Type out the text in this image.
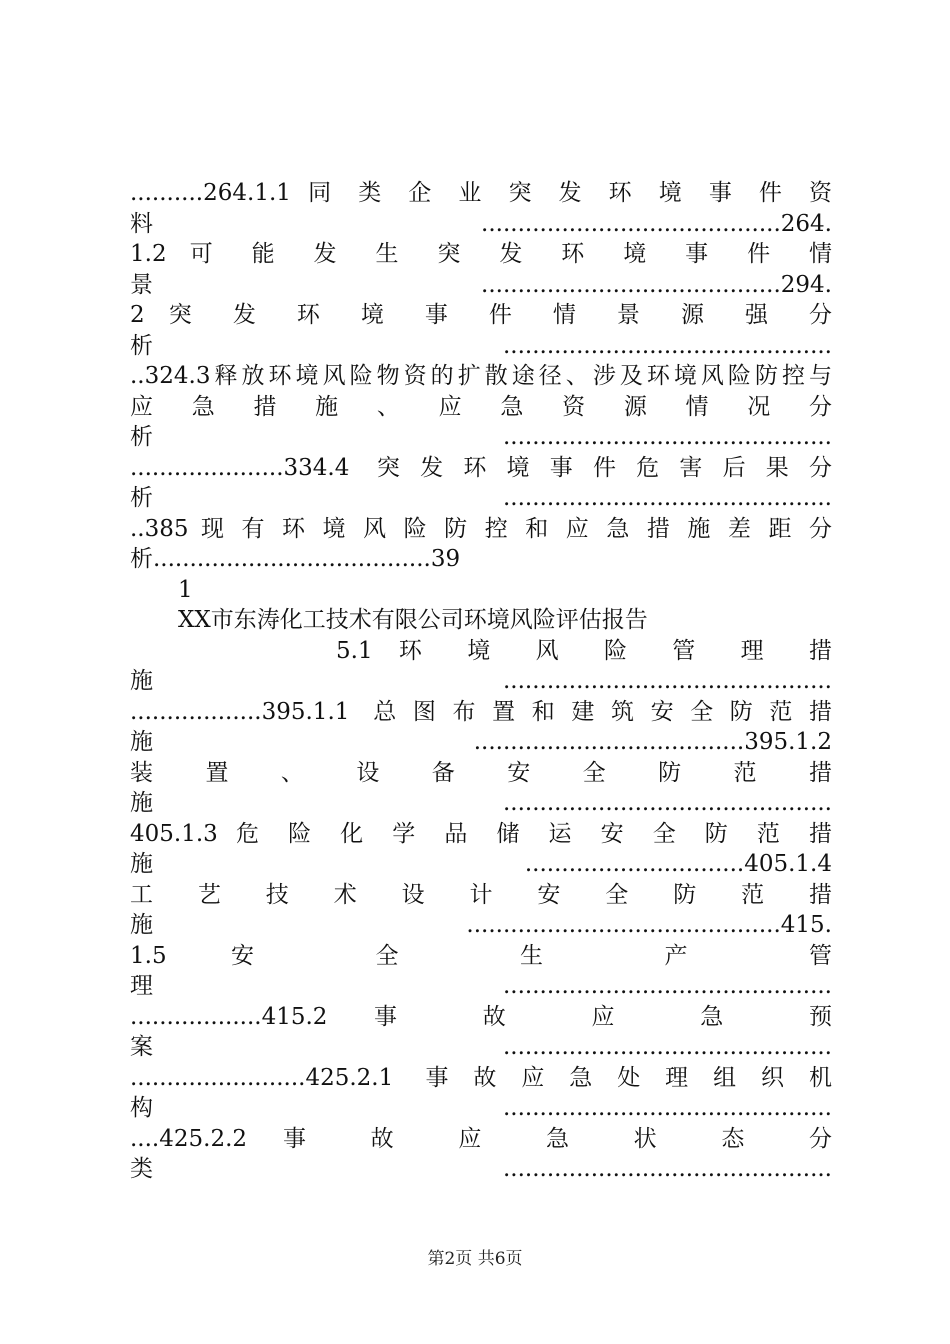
..........264.1.1 同 类 企 业 突 发 环 境 事 件 资
料.........................................264.
1.2 可 能 发 生 突 发 环 境 事 件 情
景.........................................294.
2 突 发 环 境 事 件 情 景 源 强 分
析.............................................
..324.3释放环境风险物资的扩散途径、涉及环境风险防控与
应 急 措 施 、 应 急 资 源 情 况 分
析.............................................
.....................334.4 突发环境事件危害后果分
析.............................................
..385 现 有 环 境 风 险 防 控 和 应 急 措 施 差 距 分
析......................................39
1
XX市东涛化工技术有限公司环境风险评估报告
5.1 环 境 风 险 管 理 措
施.............................................
..................395.1.1 总图布置和建筑安全防范措
施 .....................................395.1.2
装 置 、 设 备 安 全 防 范 措
施.............................................
405.1.3 危 险 化 学 品 储 运 安 全 防 范 措
施 ..............................405.1.4
工 艺 技 术 设 计 安 全 防 范 措
施...........................................415.
1.5 安 全 生 产 管
理.............................................
..................415.2 事 故 应 急 预
案.............................................
........................425.2.1 事故应急处理组织机
构.............................................
....425.2.2 事 故 应 急 状 态 分
类.............................................
第2页 共6页
